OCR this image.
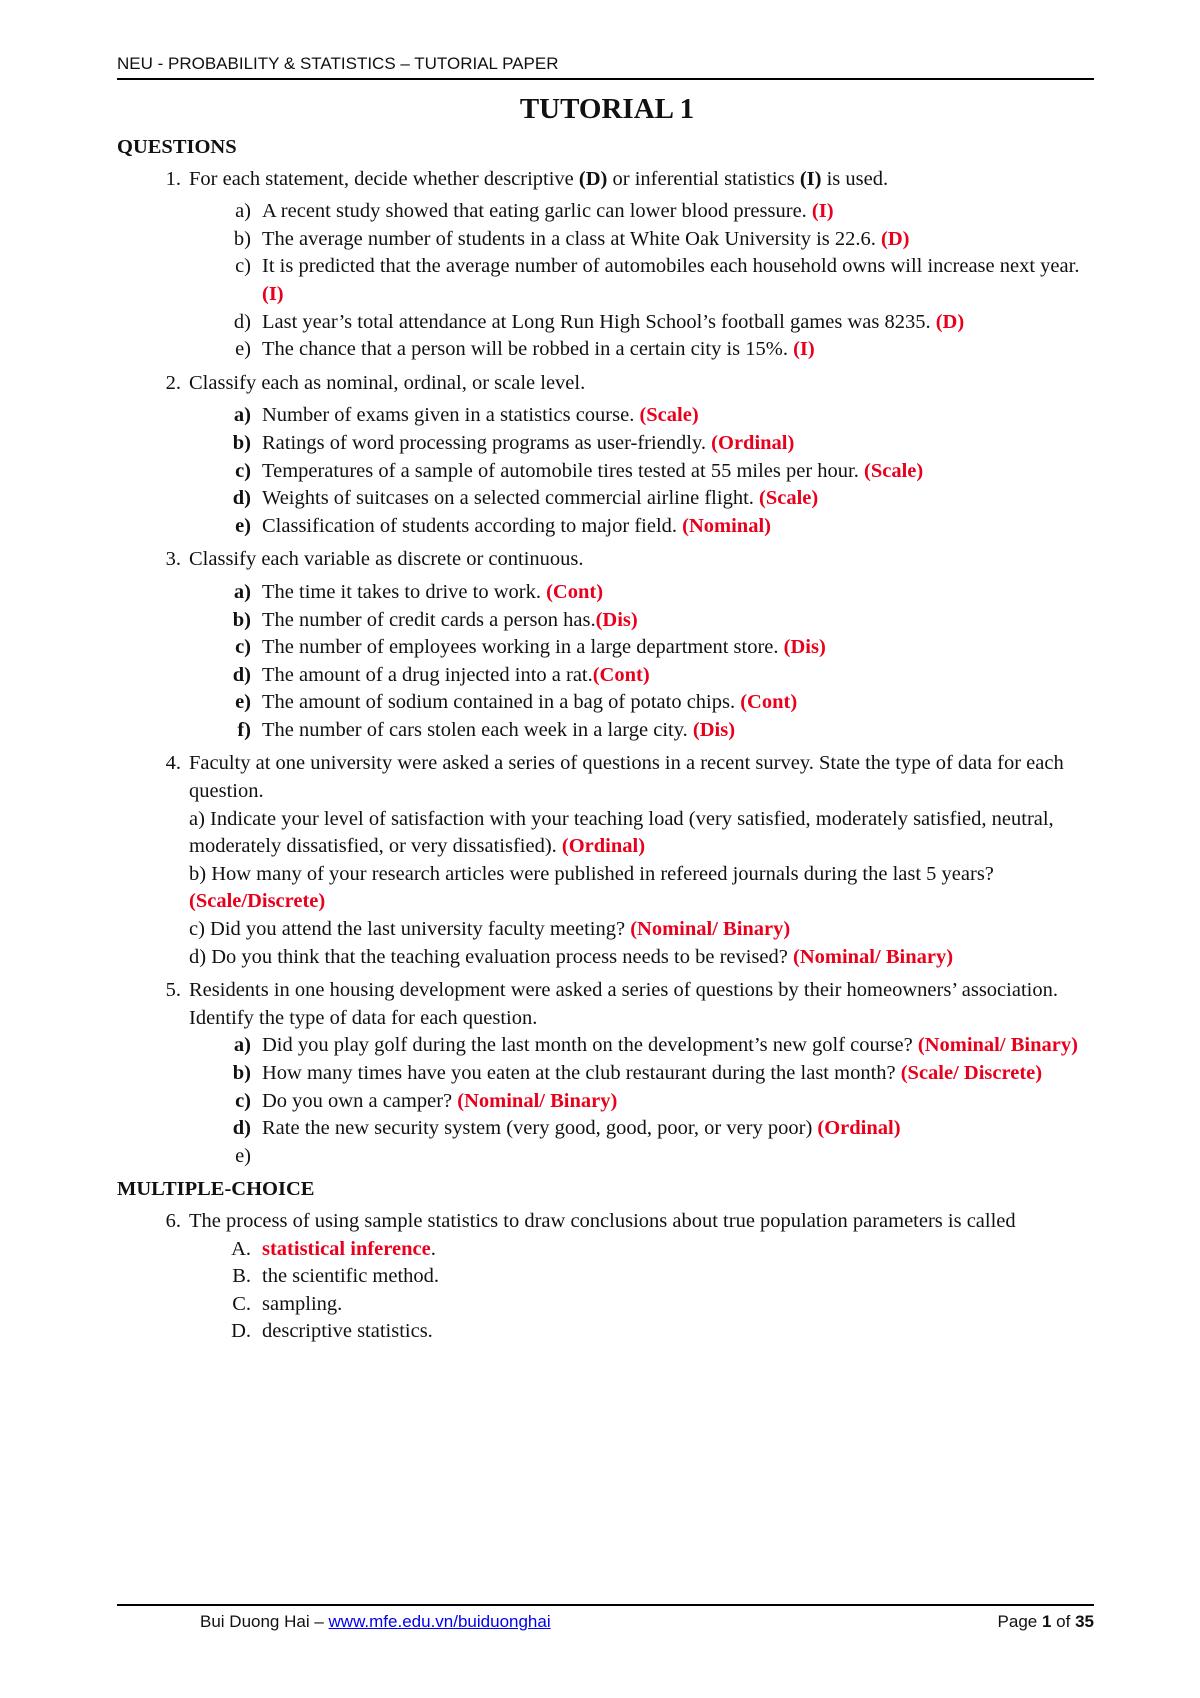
NEU - PROBABILITY & STATISTICS – TUTORIAL PAPER
TUTORIAL 1
QUESTIONS
1. For each statement, decide whether descriptive (D) or inferential statistics (I) is used.
a) A recent study showed that eating garlic can lower blood pressure. (I)
b) The average number of students in a class at White Oak University is 22.6. (D)
c) It is predicted that the average number of automobiles each household owns will increase next year.(I)
d) Last year’s total attendance at Long Run High School’s football games was 8235. (D)
e) The chance that a person will be robbed in a certain city is 15%. (I)
2. Classify each as nominal, ordinal, or scale level.
a) Number of exams given in a statistics course. (Scale)
b) Ratings of word processing programs as user-friendly. (Ordinal)
c) Temperatures of a sample of automobile tires tested at 55 miles per hour. (Scale)
d) Weights of suitcases on a selected commercial airline flight. (Scale)
e) Classification of students according to major field. (Nominal)
3. Classify each variable as discrete or continuous.
a) The time it takes to drive to work. (Cont)
b) The number of credit cards a person has.(Dis)
c) The number of employees working in a large department store. (Dis)
d) The amount of a drug injected into a rat.(Cont)
e) The amount of sodium contained in a bag of potato chips. (Cont)
f) The number of cars stolen each week in a large city. (Dis)
4. Faculty at one university were asked a series of questions in a recent survey. State the type of data for each question.
a) Indicate your level of satisfaction with your teaching load (very satisfied, moderately satisfied, neutral, moderately dissatisfied, or very dissatisfied). (Ordinal)
b) How many of your research articles were published in refereed journals during the last 5 years? (Scale/Discrete)
c) Did you attend the last university faculty meeting? (Nominal/ Binary)
d) Do you think that the teaching evaluation process needs to be revised? (Nominal/ Binary)
5. Residents in one housing development were asked a series of questions by their homeowners’ association. Identify the type of data for each question.
a) Did you play golf during the last month on the development’s new golf course? (Nominal/ Binary)
b) How many times have you eaten at the club restaurant during the last month? (Scale/ Discrete)
c) Do you own a camper? (Nominal/ Binary)
d) Rate the new security system (very good, good, poor, or very poor) (Ordinal)
e)
MULTIPLE-CHOICE
6. The process of using sample statistics to draw conclusions about true population parameters is called
A. statistical inference.
B. the scientific method.
C. sampling.
D. descriptive statistics.
Bui Duong Hai – www.mfe.edu.vn/buiduonghai	Page 1 of 35
